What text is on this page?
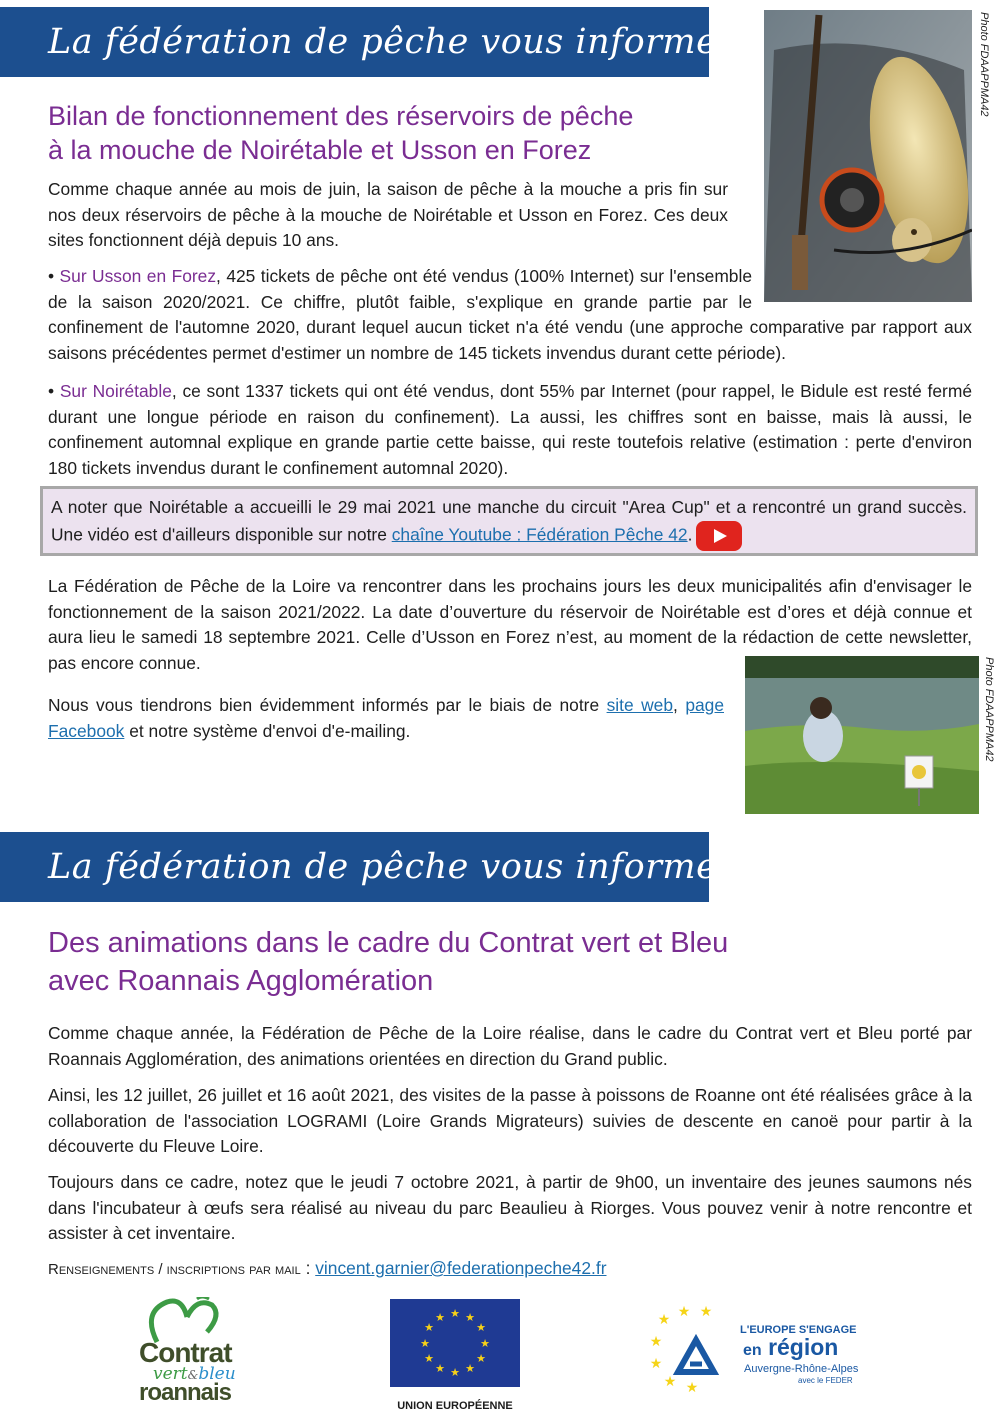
La fédération de pêche vous informe	Photo FDAAPPMA42
Bilan de fonctionnement des réservoirs de pêche
à la mouche de Noirétable et Usson en Forez

Comme chaque année au mois de juin, la saison de pêche à la mouche a pris fin sur nos deux réservoirs de pêche à la mouche de Noirétable et Usson en Forez. Ces deux sites fonctionnent déjà depuis 10 ans.

• Sur Usson en Forez, 425 tickets de pêche ont été vendus (100% Internet) sur l'ensemble de la saison 2020/2021. Ce chiffre, plutôt faible, s'explique en grande partie par le confinement de l'automne 2020, durant lequel aucun ticket n'a été vendu (une approche comparative par rapport aux saisons précédentes permet d'estimer un nombre de 145 tickets invendus durant cette période).

• Sur Noirétable, ce sont 1337 tickets qui ont été vendus, dont 55% par Internet (pour rappel, le Bidule est resté fermé durant une longue période en raison du confinement). La aussi, les chiffres sont en baisse, mais là aussi, le confinement automnal explique en grande partie cette baisse, qui reste toutefois relative (estimation : perte d'environ 180 tickets invendus durant le confinement automnal 2020).

A noter que Noirétable a accueilli le 29 mai 2021 une manche du circuit "Area Cup" et a rencontré un grand succès. Une vidéo est d'ailleurs disponible sur notre chaîne Youtube : Fédération Pêche 42.

La Fédération de Pêche de la Loire va rencontrer dans les prochains jours les deux municipalités afin d'envisager le fonctionnement de la saison 2021/2022. La date d’ouverture du réservoir de Noirétable est d’ores et déjà connue et aura lieu le samedi 18 septembre 2021. Celle d’Usson en Forez n’est, au moment de la rédaction de cette newsletter, pas encore connue.

Nous vous tiendrons bien évidemment informés par le biais de notre site web, page Facebook et notre système d'envoi d'e-mailing.	Photo FDAAPPMA42
La fédération de pêche vous informe
Des animations dans le cadre du Contrat vert et Bleu
avec Roannais Agglomération

Comme chaque année, la Fédération de Pêche de la Loire réalise, dans le cadre du Contrat vert et Bleu porté par Roannais Agglomération, des animations orientées en direction du Grand public.

Ainsi, les 12 juillet, 26 juillet et 16 août 2021, des visites de la passe à poissons de Roanne ont été réalisées grâce à la collaboration de l'association LOGRAMI (Loire Grands Migrateurs) suivies de descente en canoë pour partir à la découverte du Fleuve Loire.

Toujours dans ce cadre, notez que le jeudi 7 octobre 2021, à partir de 9h00, un inventaire des jeunes saumons nés dans l'incubateur à œufs sera réalisé au niveau du parc Beaulieu à Riorges. Vous pouvez venir à notre rencontre et assister à cet inventaire.

Renseignements / inscriptions par mail : vincent.garnier@federationpeche42.fr
Contrat
vert&bleu
roannais
★ ★
★
★
★
★
★
★
★
★
★
★
UNION EUROPÉENNE
★ ★ ★
★
★
★ ★
L'EUROPE S'ENGAGE
en région
Auvergne-Rhône-Alpes
avec le FEDER
